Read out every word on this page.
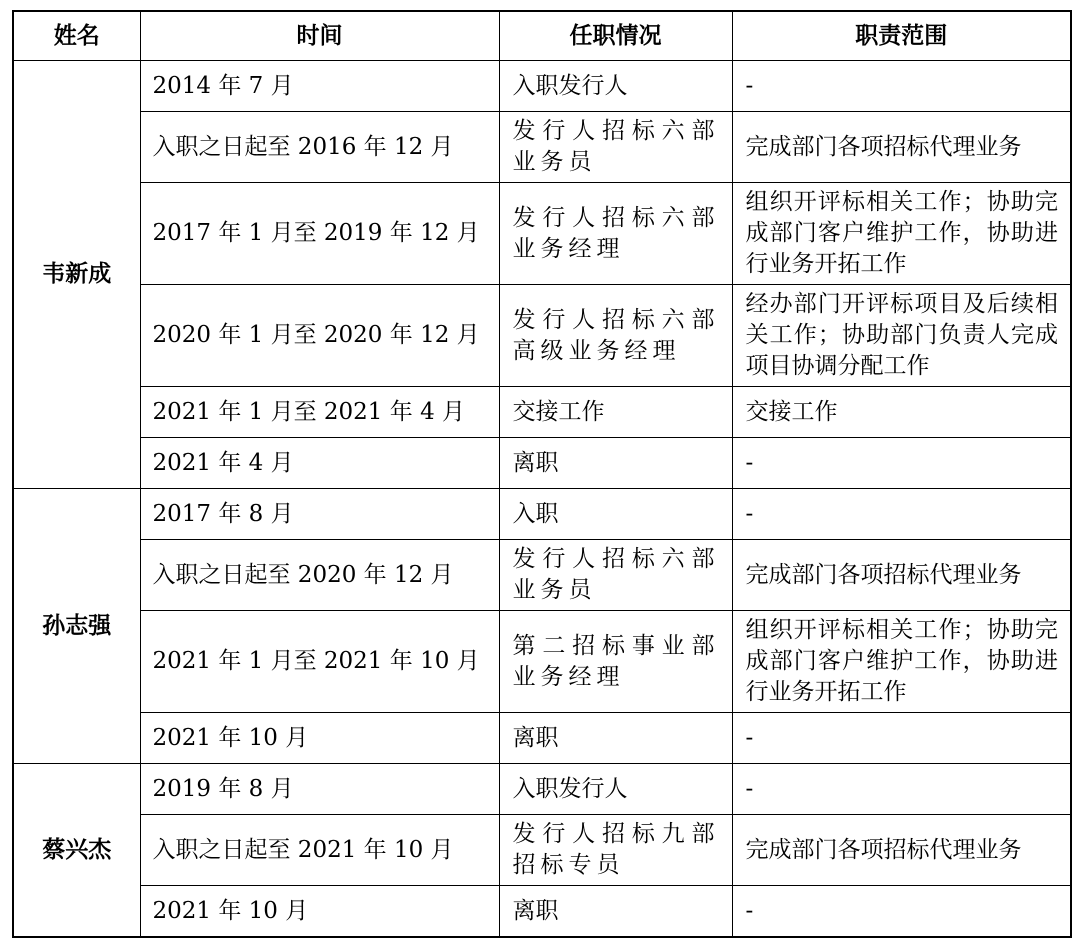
姓名	时间	任职情况	职责范围
韦新成	2014 年 7 月	入职发行人	-
	入职之日起至 2016 年 12 月	发行人招标六部业务员	完成部门各项招标代理业务
	2017 年 1 月至 2019 年 12 月	发行人招标六部业务经理	组织开评标相关工作；协助完成部门客户维护工作，协助进行业务开拓工作
	2020 年 1 月至 2020 年 12 月	发行人招标六部高级业务经理	经办部门开评标项目及后续相关工作；协助部门负责人完成项目协调分配工作
	2021 年 1 月至 2021 年 4 月	交接工作	交接工作
	2021 年 4 月	离职	-
孙志强	2017 年 8 月	入职	-
	入职之日起至 2020 年 12 月	发行人招标六部业务员	完成部门各项招标代理业务
	2021 年 1 月至 2021 年 10 月	第二招标事业部业务经理	组织开评标相关工作；协助完成部门客户维护工作，协助进行业务开拓工作
	2021 年 10 月	离职	-
蔡兴杰	2019 年 8 月	入职发行人	-
	入职之日起至 2021 年 10 月	发行人招标九部招标专员	完成部门各项招标代理业务
	2021 年 10 月	离职	-
